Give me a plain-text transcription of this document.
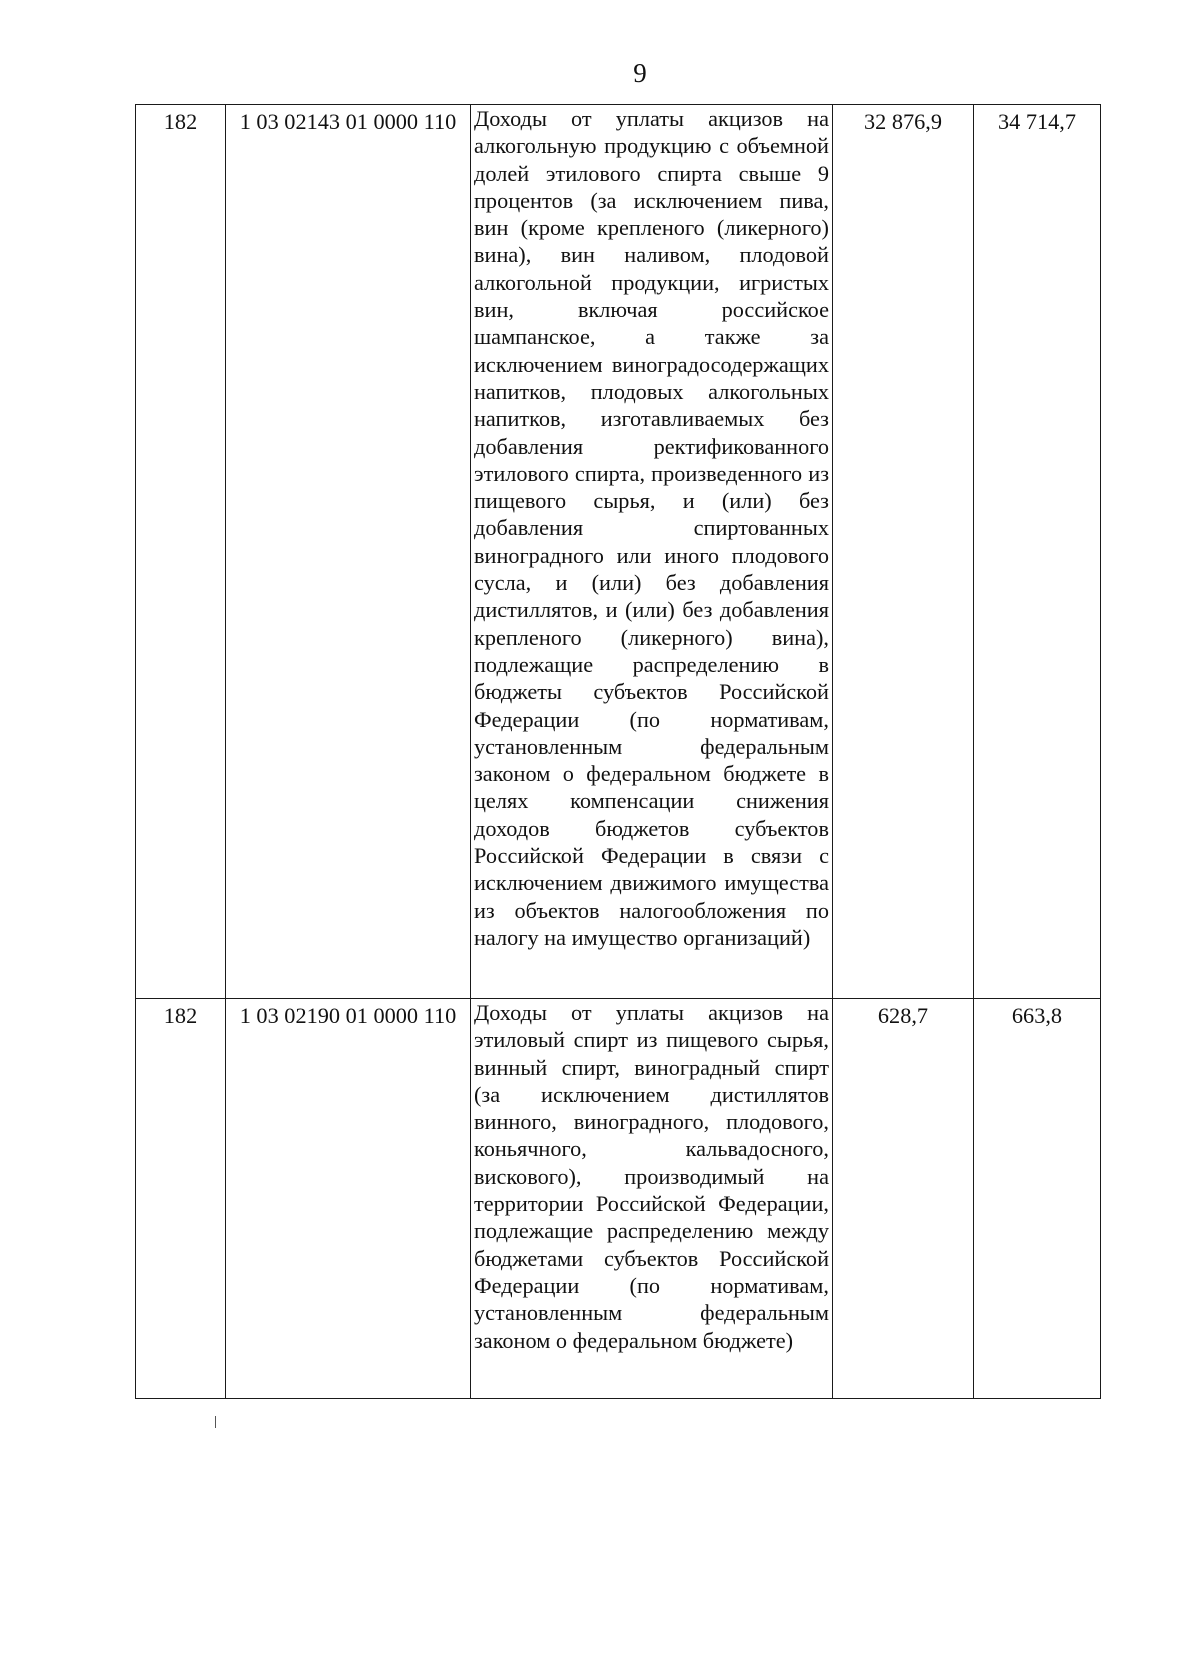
9
182	1 03 02143 01 0000 110	Доходы от уплаты акцизов на алкогольную продукцию с объемной долей этилового спирта свыше 9 процентов (за исключением пива, вин (кроме крепленого (ликерного) вина), вин наливом, плодовой алкогольной продукции, игристых вин, включая российское шампанское, а также за исключением виноградосодержащих напитков, плодовых алкогольных напитков, изготавливаемых без добавления ректификованного этилового спирта, произведенного из пищевого сырья, и (или) без добавления спиртованных виноградного или иного плодового сусла, и (или) без добавления дистиллятов, и (или) без добавления крепленого (ликерного) вина), подлежащие распределению в бюджеты субъектов Российской Федерации (по нормативам, установленным федеральным законом о федеральном бюджете в целях компенсации снижения доходов бюджетов субъектов Российской Федерации в связи с исключением движимого имущества из объектов налогообложения по налогу на имущество организаций)	32 876,9	34 714,7
182	1 03 02190 01 0000 110	Доходы от уплаты акцизов на этиловый спирт из пищевого сырья, винный спирт, виноградный спирт (за исключением дистиллятов винного, виноградного, плодового, коньячного, кальвадосного, вискового), производимый на территории Российской Федерации, подлежащие распределению между бюджетами субъектов Российской Федерации (по нормативам, установленным федеральным законом о федеральном бюджете)	628,7	663,8
